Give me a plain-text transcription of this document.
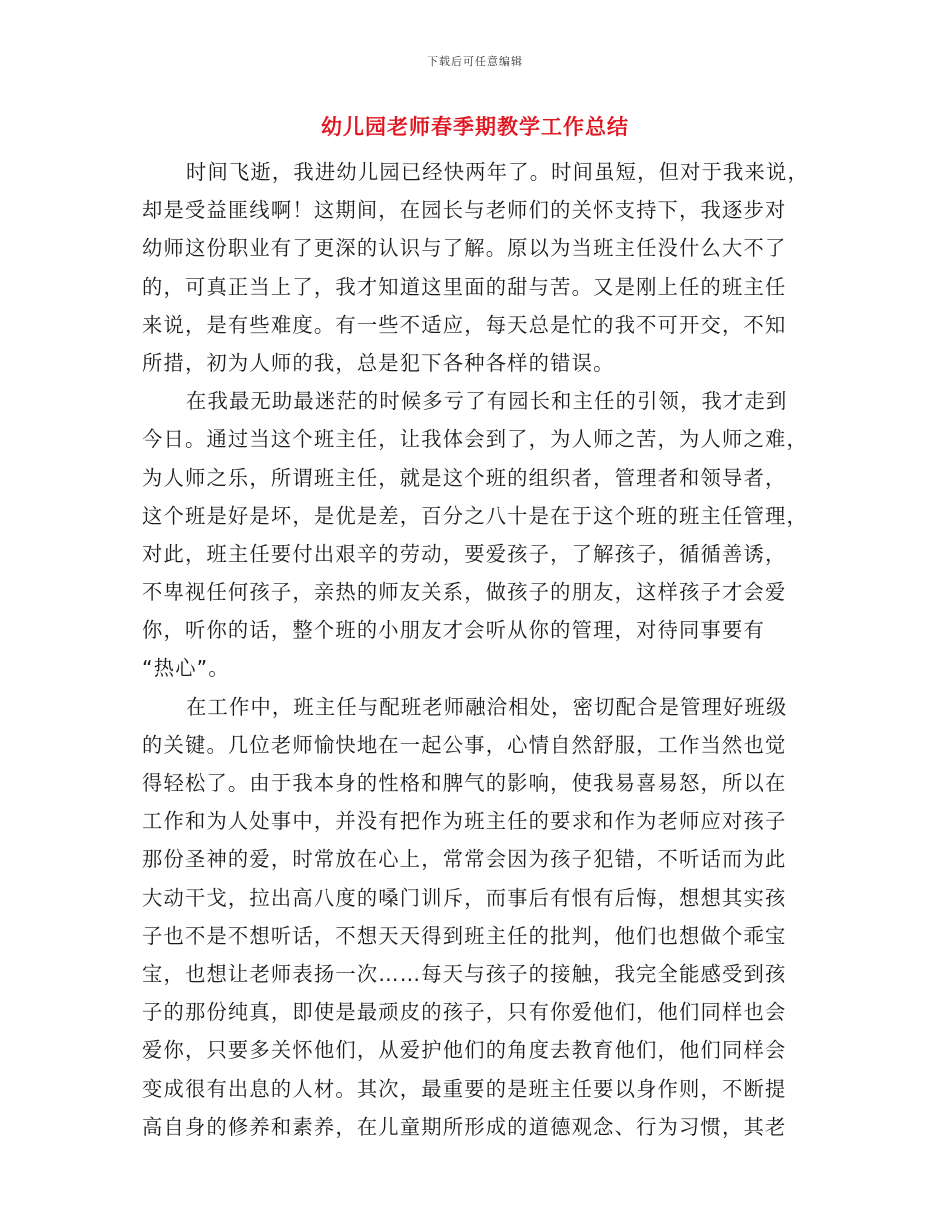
下载后可任意编辑
幼儿园老师春季期教学工作总结
时间飞逝，我进幼儿园已经快两年了。时间虽短，但对于我来说，
却是受益匪线啊！这期间，在园长与老师们的关怀支持下，我逐步对
幼师这份职业有了更深的认识与了解。原以为当班主任没什么大不了
的，可真正当上了，我才知道这里面的甜与苦。又是刚上任的班主任
来说，是有些难度。有一些不适应，每天总是忙的我不可开交，不知
所措，初为人师的我，总是犯下各种各样的错误。
在我最无助最迷茫的时候多亏了有园长和主任的引领，我才走到
今日。通过当这个班主任，让我体会到了，为人师之苦，为人师之难，
为人师之乐，所谓班主任，就是这个班的组织者，管理者和领导者，
这个班是好是坏，是优是差，百分之八十是在于这个班的班主任管理，
对此，班主任要付出艰辛的劳动，要爱孩子，了解孩子，循循善诱，
不卑视任何孩子，亲热的师友关系，做孩子的朋友，这样孩子才会爱
你，听你的话，整个班的小朋友才会听从你的管理，对待同事要有
“热心”。
在工作中，班主任与配班老师融洽相处，密切配合是管理好班级
的关键。几位老师愉快地在一起公事，心情自然舒服，工作当然也觉
得轻松了。由于我本身的性格和脾气的影响，使我易喜易怒，所以在
工作和为人处事中，并没有把作为班主任的要求和作为老师应对孩子
那份圣神的爱，时常放在心上，常常会因为孩子犯错，不听话而为此
大动干戈，拉出高八度的嗓门训斥，而事后有恨有后悔，想想其实孩
子也不是不想听话，不想天天得到班主任的批判，他们也想做个乖宝
宝，也想让老师表扬一次……每天与孩子的接触，我完全能感受到孩
子的那份纯真，即使是最顽皮的孩子，只有你爱他们，他们同样也会
爱你，只要多关怀他们，从爱护他们的角度去教育他们，他们同样会
变成很有出息的人材。其次，最重要的是班主任要以身作则，不断提
高自身的修养和素养，在儿童期所形成的道德观念、行为习惯，其老
